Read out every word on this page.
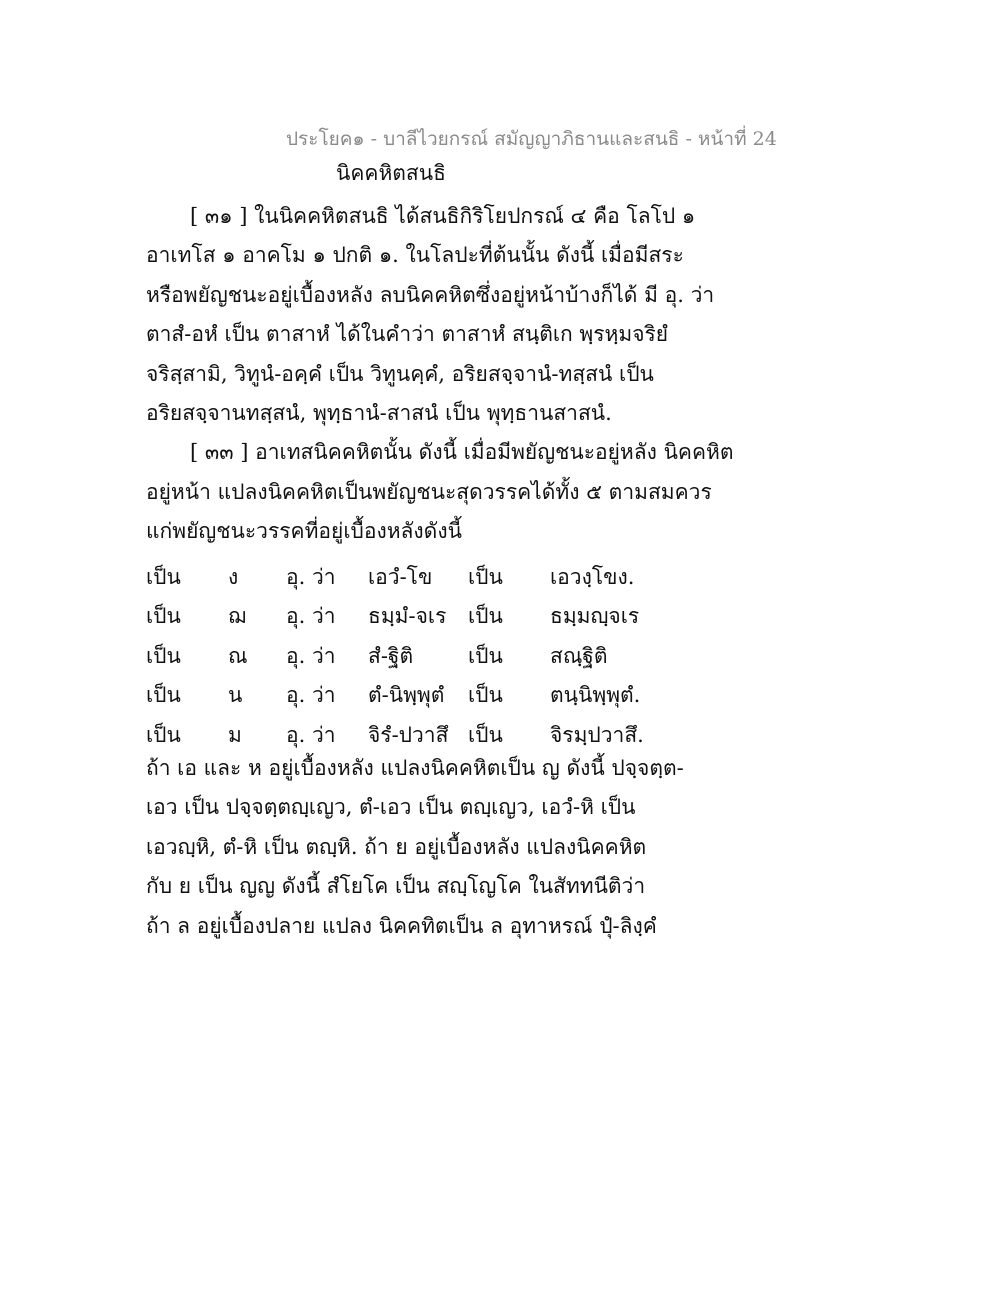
ประโยค๑ - บาลีไวยกรณ์ สมัญญาภิธานและสนธิ - หน้าที่ 24
นิคคหิตสนธิ
[ ๓๑ ] ในนิคคหิตสนธิ ได้สนธิกิริโยปกรณ์ ๔ คือ โลโป ๑
อาเทโส ๑ อาคโม ๑ ปกติ ๑. ในโลปะที่ต้นนั้น ดังนี้ เมื่อมีสระ
หรือพยัญชนะอยู่เบื้องหลัง ลบนิคคหิตซึ่งอยู่หน้าบ้างก็ได้ มี อุ. ว่า
ตาสํ-อหํ เป็น ตาสาหํ ได้ในคำว่า ตาสาหํ สนฺติเก พฺรหฺมจริยํ
จริสฺสามิ, วิทูนํ-อคฺคํ เป็น วิทูนคฺคํ, อริยสจฺจานํ-ทสฺสนํ เป็น
อริยสจฺจานทสฺสนํ, พุทฺธานํ-สาสนํ เป็น พุทฺธานสาสนํ.
[ ๓๓ ] อาเทสนิคคหิตนั้น ดังนี้ เมื่อมีพยัญชนะอยู่หลัง นิคคหิต
อยู่หน้า แปลงนิคคหิตเป็นพยัญชนะสุดวรรคได้ทั้ง ๕ ตามสมควร
แก่พยัญชนะวรรคที่อยู่เบื้องหลังดังนี้
เป็น ง อุ. ว่า เอวํ-โข เป็น เอวงฺโขง.
เป็น ฌ อุ. ว่า ธมฺมํ-จเร เป็น ธมฺมญฺจเร
เป็น ณ อุ. ว่า สํ-ฐิติ	เป็น สณฺฐิติ
เป็น น อุ. ว่า ตํ-นิพฺพุตํ เป็น ตนฺนิพฺพุตํ.
เป็น ม อุ. ว่า จิรํ-ปวาสึ เป็น จิรมฺปวาสึ.
ถ้า เอ และ ห อยู่เบื้องหลัง แปลงนิคคหิตเป็น ญ ดังนี้ ปจฺจตฺต-
เอว เป็น ปจฺจตฺตญฺเญว, ตํ-เอว เป็น ตญฺเญว, เอวํ-หิ เป็น
เอวญฺหิ, ตํ-หิ เป็น ตญฺหิ. ถ้า ย อยู่เบื้องหลัง แปลงนิคคหิต
กับ ย เป็น ญญ ดังนี้ สํโยโค เป็น สญฺโญโค ในสัททนีติว่า
ถ้า ล อยู่เบื้องปลาย แปลง นิคคทิตเป็น ล อุทาหรณ์ ปุํ-ลิงฺคํ
